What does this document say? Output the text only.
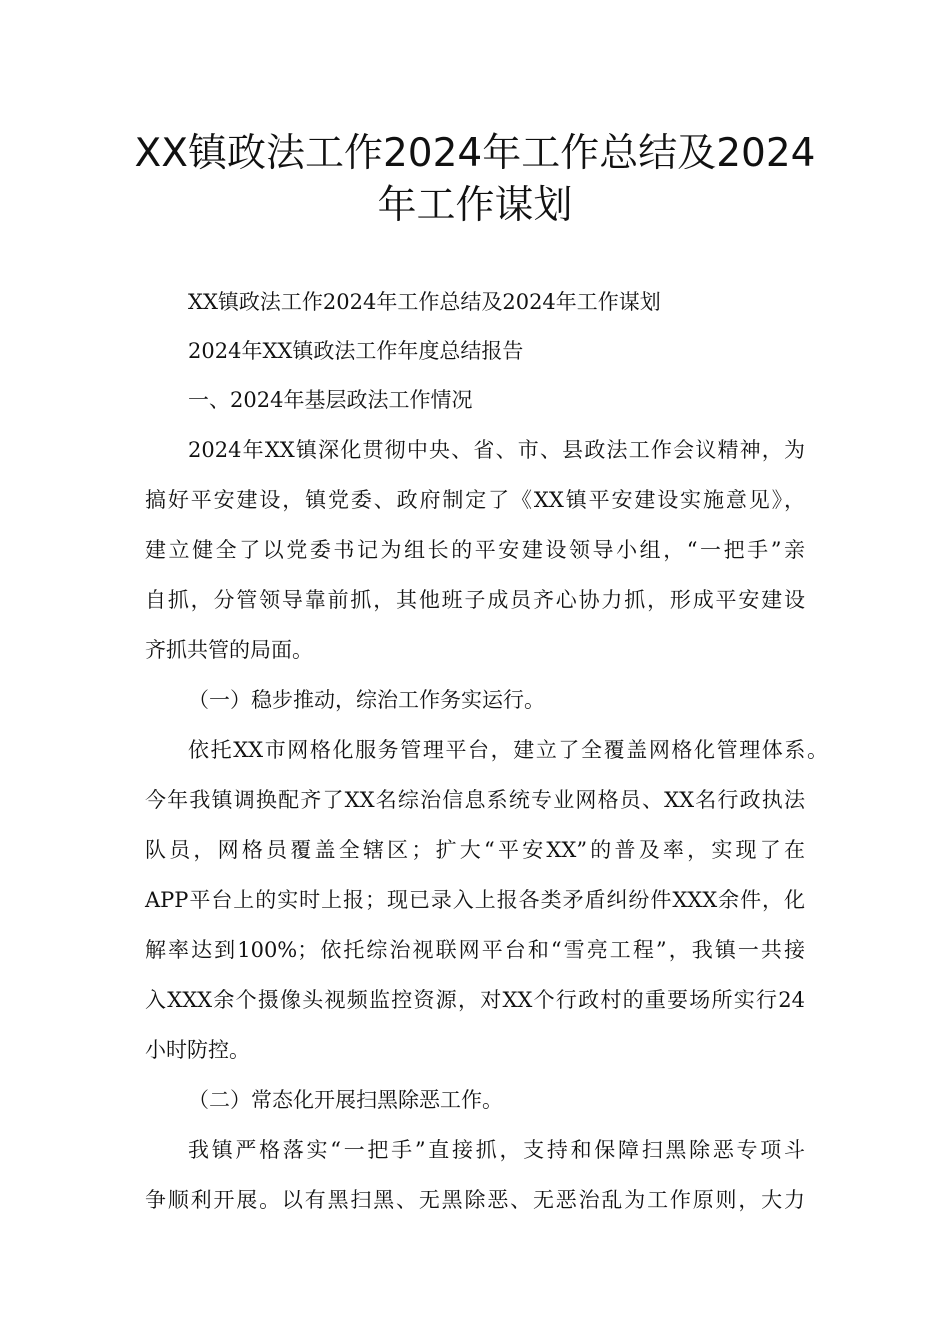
XX镇政法工作2024年工作总结及2024
年工作谋划

XX镇政法工作2024年工作总结及2024年工作谋划

2024年XX镇政法工作年度总结报告

一、2024年基层政法工作情况

2024年XX镇深化贯彻中央、省、市、县政法工作会议精神，为

搞好平安建设，镇党委、政府制定了《XX镇平安建设实施意见》，

建立健全了以党委书记为组长的平安建设领导小组，“一把手”亲

自抓，分管领导靠前抓，其他班子成员齐心协力抓，形成平安建设

齐抓共管的局面。

（一）稳步推动，综治工作务实运行。

依托XX市网格化服务管理平台，建立了全覆盖网格化管理体系。

今年我镇调换配齐了XX名综治信息系统专业网格员、XX名行政执法

队员，网格员覆盖全辖区；扩大“平安XX”的普及率，实现了在

APP平台上的实时上报；现已录入上报各类矛盾纠纷件XXX余件，化

解率达到100%；依托综治视联网平台和“雪亮工程”，我镇一共接

入XXX余个摄像头视频监控资源，对XX个行政村的重要场所实行24

小时防控。

（二）常态化开展扫黑除恶工作。

我镇严格落实“一把手”直接抓，支持和保障扫黑除恶专项斗

争顺利开展。以有黑扫黑、无黑除恶、无恶治乱为工作原则，大力
